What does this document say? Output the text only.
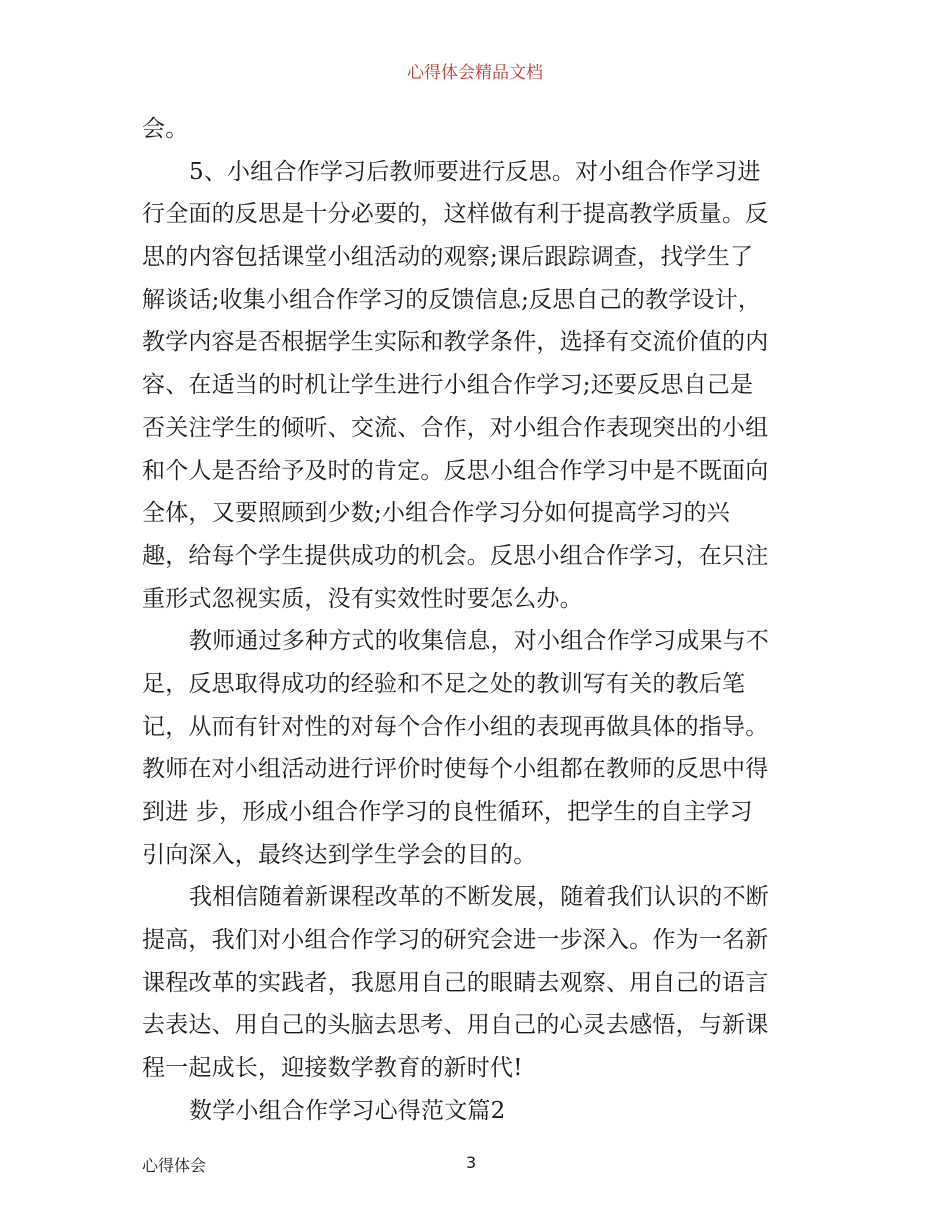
心得体会精品文档
会。
5、小组合作学习后教师要进行反思。对小组合作学习进
行全面的反思是十分必要的，这样做有利于提高教学质量。反
思的内容包括课堂小组活动的观察;课后跟踪调查，找学生了
解谈话;收集小组合作学习的反馈信息;反思自己的教学设计，
教学内容是否根据学生实际和教学条件，选择有交流价值的内
容、在适当的时机让学生进行小组合作学习;还要反思自己是
否关注学生的倾听、交流、合作，对小组合作表现突出的小组
和个人是否给予及时的肯定。反思小组合作学习中是不既面向
全体，又要照顾到少数;小组合作学习分如何提高学习的兴
趣，给每个学生提供成功的机会。反思小组合作学习，在只注
重形式忽视实质，没有实效性时要怎么办。
教师通过多种方式的收集信息，对小组合作学习成果与不
足，反思取得成功的经验和不足之处的教训写有关的教后笔
记，从而有针对性的对每个合作小组的表现再做具体的指导。
教师在对小组活动进行评价时使每个小组都在教师的反思中得
到进 步，形成小组合作学习的良性循环，把学生的自主学习
引向深入，最终达到学生学会的目的。
我相信随着新课程改革的不断发展，随着我们认识的不断
提高，我们对小组合作学习的研究会进一步深入。作为一名新
课程改革的实践者，我愿用自己的眼睛去观察、用自己的语言
去表达、用自己的头脑去思考、用自己的心灵去感悟，与新课
程一起成长，迎接数学教育的新时代!
数学小组合作学习心得范文篇2
心得体会	3
